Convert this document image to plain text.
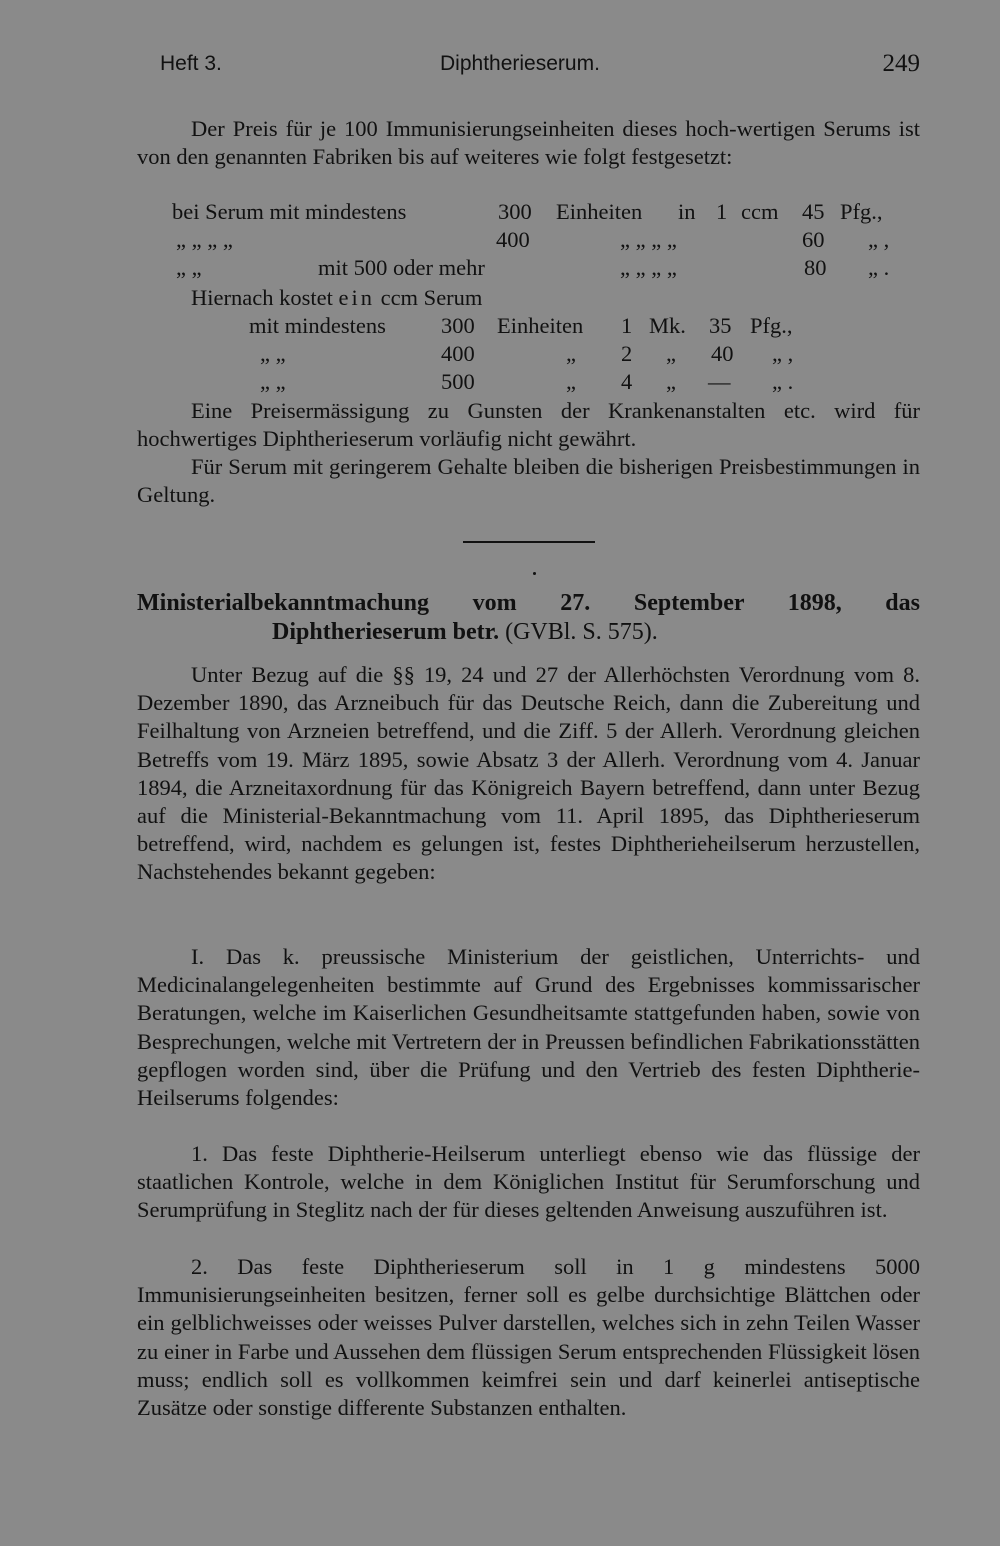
Heft 3.	Diphtherieserum.	249
Der Preis für je 100 Immunisierungseinheiten dieses hoch-wertigen Serums ist von den genannten Fabriken bis auf weiteres wie folgt festgesetzt:
bei Serum mit mindestens	300 Einheiten in 1 ccm 45 Pfg.,
„ „ „ „	400	„ „ „ „	60 „ ,
„ „	mit 500 oder mehr	„ „ „ „	80 „ .
Hiernach kostet ein ccm Serum
mit mindestens 300 Einheiten 1 Mk. 35 Pfg.,
„ „	400	„ 2 „ 40 „ ,
„ „	500	„ 4 „ — „ .
Eine Preisermässigung zu Gunsten der Krankenanstalten etc. wird für hochwertiges Diphtherieserum vorläufig nicht gewährt.
Für Serum mit geringerem Gehalte bleiben die bisherigen Preisbestimmungen in Geltung.
Ministerialbekanntmachung vom 27. September 1898, das
Diphtherieserum betr. (GVBl. S. 575).
Unter Bezug auf die §§ 19, 24 und 27 der Allerhöchsten Verordnung vom 8. Dezember 1890, das Arzneibuch für das Deutsche Reich, dann die Zubereitung und Feilhaltung von Arzneien betreffend, und die Ziff. 5 der Allerh. Verordnung gleichen Betreffs vom 19. März 1895, sowie Absatz 3 der Allerh. Verordnung vom 4. Januar 1894, die Arzneitaxordnung für das Königreich Bayern betreffend, dann unter Bezug auf die Ministerial-Bekanntmachung vom 11. April 1895, das Diphtherieserum betreffend, wird, nachdem es gelungen ist, festes Diphtherieheilserum herzustellen, Nachstehendes bekannt gegeben:
I. Das k. preussische Ministerium der geistlichen, Unterrichts- und Medicinalangelegenheiten bestimmte auf Grund des Ergebnisses kommissarischer Beratungen, welche im Kaiserlichen Gesundheitsamte stattgefunden haben, sowie von Besprechungen, welche mit Vertretern der in Preussen befindlichen Fabrikationsstätten gepflogen worden sind, über die Prüfung und den Vertrieb des festen Diphtherie-Heilserums folgendes:
1. Das feste Diphtherie-Heilserum unterliegt ebenso wie das flüssige der staatlichen Kontrole, welche in dem Königlichen Institut für Serumforschung und Serumprüfung in Steglitz nach der für dieses geltenden Anweisung auszuführen ist.
2. Das feste Diphtherieserum soll in 1 g mindestens 5000 Immunisierungseinheiten besitzen, ferner soll es gelbe durchsichtige Blättchen oder ein gelblichweisses oder weisses Pulver darstellen, welches sich in zehn Teilen Wasser zu einer in Farbe und Aussehen dem flüssigen Serum entsprechenden Flüssigkeit lösen muss; endlich soll es vollkommen keimfrei sein und darf keinerlei antiseptische Zusätze oder sonstige differente Substanzen enthalten.
